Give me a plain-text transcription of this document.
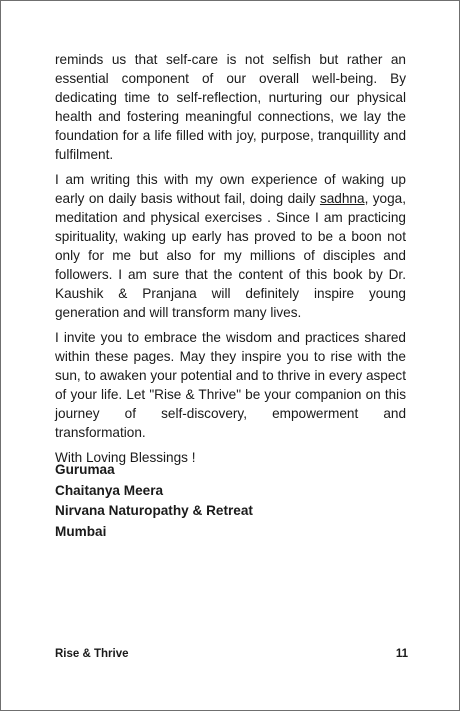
reminds us that self-care is not selfish but rather an essential component of our overall well-being. By dedicating time to self-reflection, nurturing our physical health and fostering meaningful connections, we lay the foundation for a life filled with joy, purpose, tranquillity and fulfilment.

I am writing this with my own experience of waking up early on daily basis without fail, doing daily sadhna, yoga, meditation and physical exercises . Since I am practicing spirituality, waking up early has proved to be a boon not only for me but also for my millions of disciples and followers. I am sure that the content of this book by Dr. Kaushik & Pranjana will definitely inspire young generation and will transform many lives.

I invite you to embrace the wisdom and practices shared within these pages. May they inspire you to rise with the sun, to awaken your potential and to thrive in every aspect of your life. Let "Rise & Thrive" be your companion on this journey of self-discovery, empowerment and transformation.

With Loving Blessings !

Gurumaa

Chaitanya Meera

Nirvana Naturopathy & Retreat

Mumbai

Rise & Thrive	11
